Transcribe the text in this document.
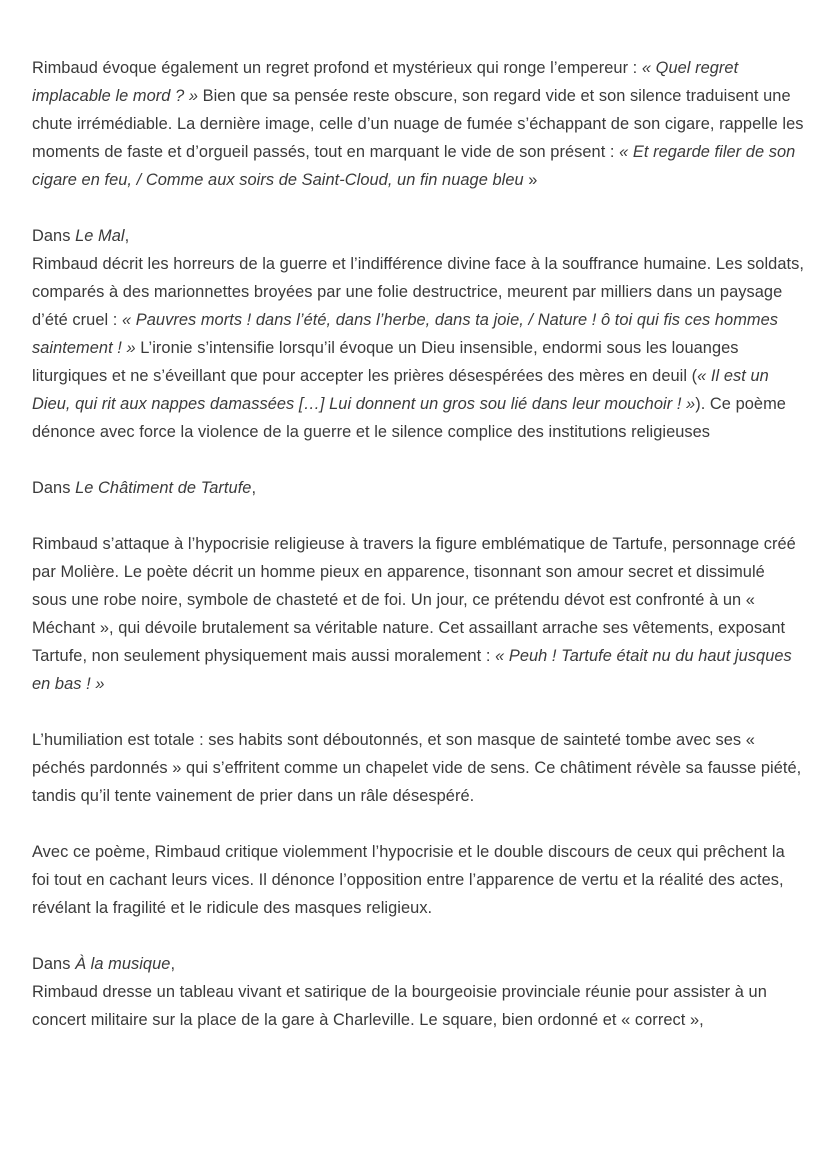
Rimbaud évoque également un regret profond et mystérieux qui ronge l’empereur : « Quel regret implacable le mord ? » Bien que sa pensée reste obscure, son regard vide et son silence traduisent une chute irrémédiable. La dernière image, celle d’un nuage de fumée s’échappant de son cigare, rappelle les moments de faste et d’orgueil passés, tout en marquant le vide de son présent : « Et regarde filer de son cigare en feu, / Comme aux soirs de Saint-Cloud, un fin nuage bleu »

Dans Le Mal,
Rimbaud décrit les horreurs de la guerre et l’indifférence divine face à la souffrance humaine. Les soldats, comparés à des marionnettes broyées par une folie destructrice, meurent par milliers dans un paysage d’été cruel : « Pauvres morts ! dans l’été, dans l’herbe, dans ta joie, / Nature ! ô toi qui fis ces hommes saintement ! » L’ironie s’intensifie lorsqu’il évoque un Dieu insensible, endormi sous les louanges liturgiques et ne s’éveillant que pour accepter les prières désespérées des mères en deuil (« Il est un Dieu, qui rit aux nappes damassées […] Lui donnent un gros sou lié dans leur mouchoir ! »). Ce poème dénonce avec force la violence de la guerre et le silence complice des institutions religieuses

Dans Le Châtiment de Tartufe,

Rimbaud s’attaque à l’hypocrisie religieuse à travers la figure emblématique de Tartufe, personnage créé par Molière. Le poète décrit un homme pieux en apparence, tisonnant son amour secret et dissimulé sous une robe noire, symbole de chasteté et de foi. Un jour, ce prétendu dévot est confronté à un « Méchant », qui dévoile brutalement sa véritable nature. Cet assaillant arrache ses vêtements, exposant Tartufe, non seulement physiquement mais aussi moralement : « Peuh ! Tartufe était nu du haut jusques en bas ! »

L’humiliation est totale : ses habits sont déboutonnés, et son masque de sainteté tombe avec ses « péchés pardonnés » qui s’effritent comme un chapelet vide de sens. Ce châtiment révèle sa fausse piété, tandis qu’il tente vainement de prier dans un râle désespéré.

Avec ce poème, Rimbaud critique violemment l’hypocrisie et le double discours de ceux qui prêchent la foi tout en cachant leurs vices. Il dénonce l’opposition entre l’apparence de vertu et la réalité des actes, révélant la fragilité et le ridicule des masques religieux.

Dans À la musique,
Rimbaud dresse un tableau vivant et satirique de la bourgeoisie provinciale réunie pour assister à un concert militaire sur la place de la gare à Charleville. Le square, bien ordonné et « correct »,
